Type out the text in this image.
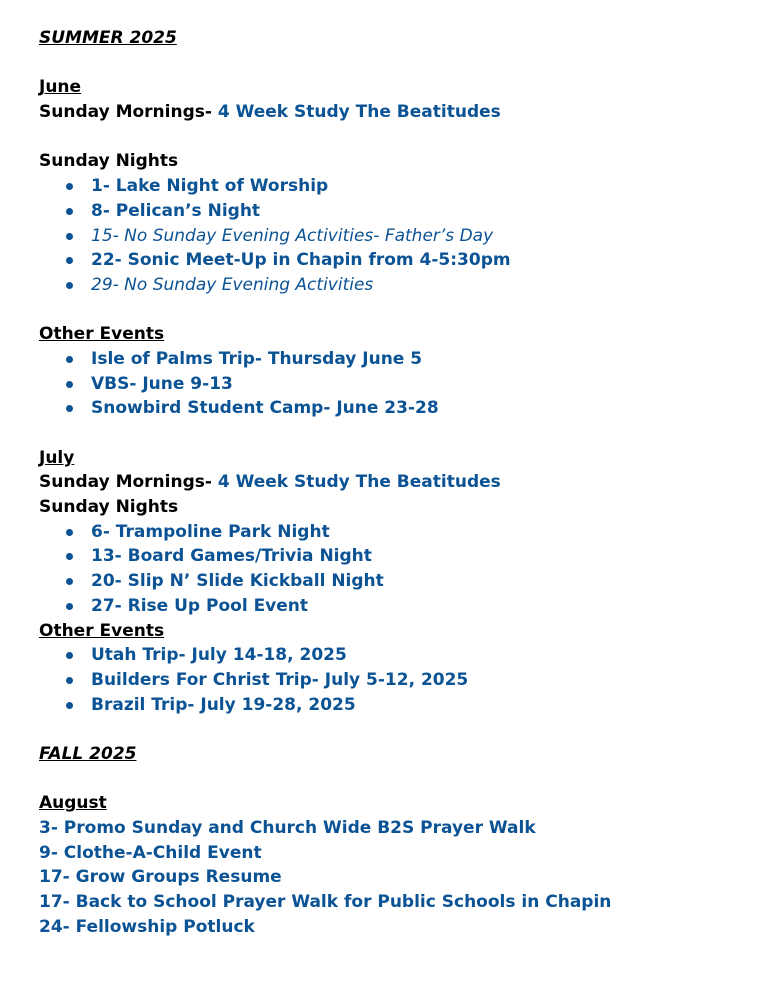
SUMMER 2025
June
Sunday Mornings- 4 Week Study The Beatitudes
Sunday Nights
1- Lake Night of Worship
8- Pelican’s Night
15- No Sunday Evening Activities- Father’s Day
22- Sonic Meet-Up in Chapin from 4-5:30pm
29- No Sunday Evening Activities
Other Events
Isle of Palms Trip- Thursday June 5
VBS- June 9-13
Snowbird Student Camp- June 23-28
July
Sunday Mornings- 4 Week Study The Beatitudes
Sunday Nights
6- Trampoline Park Night
13- Board Games/Trivia Night
20- Slip N’ Slide Kickball Night
27- Rise Up Pool Event
Other Events
Utah Trip- July 14-18, 2025
Builders For Christ Trip- July 5-12, 2025
Brazil Trip- July 19-28, 2025
FALL 2025
August
3- Promo Sunday and Church Wide B2S Prayer Walk
9- Clothe-A-Child Event
17- Grow Groups Resume
17- Back to School Prayer Walk for Public Schools in Chapin
24- Fellowship Potluck
